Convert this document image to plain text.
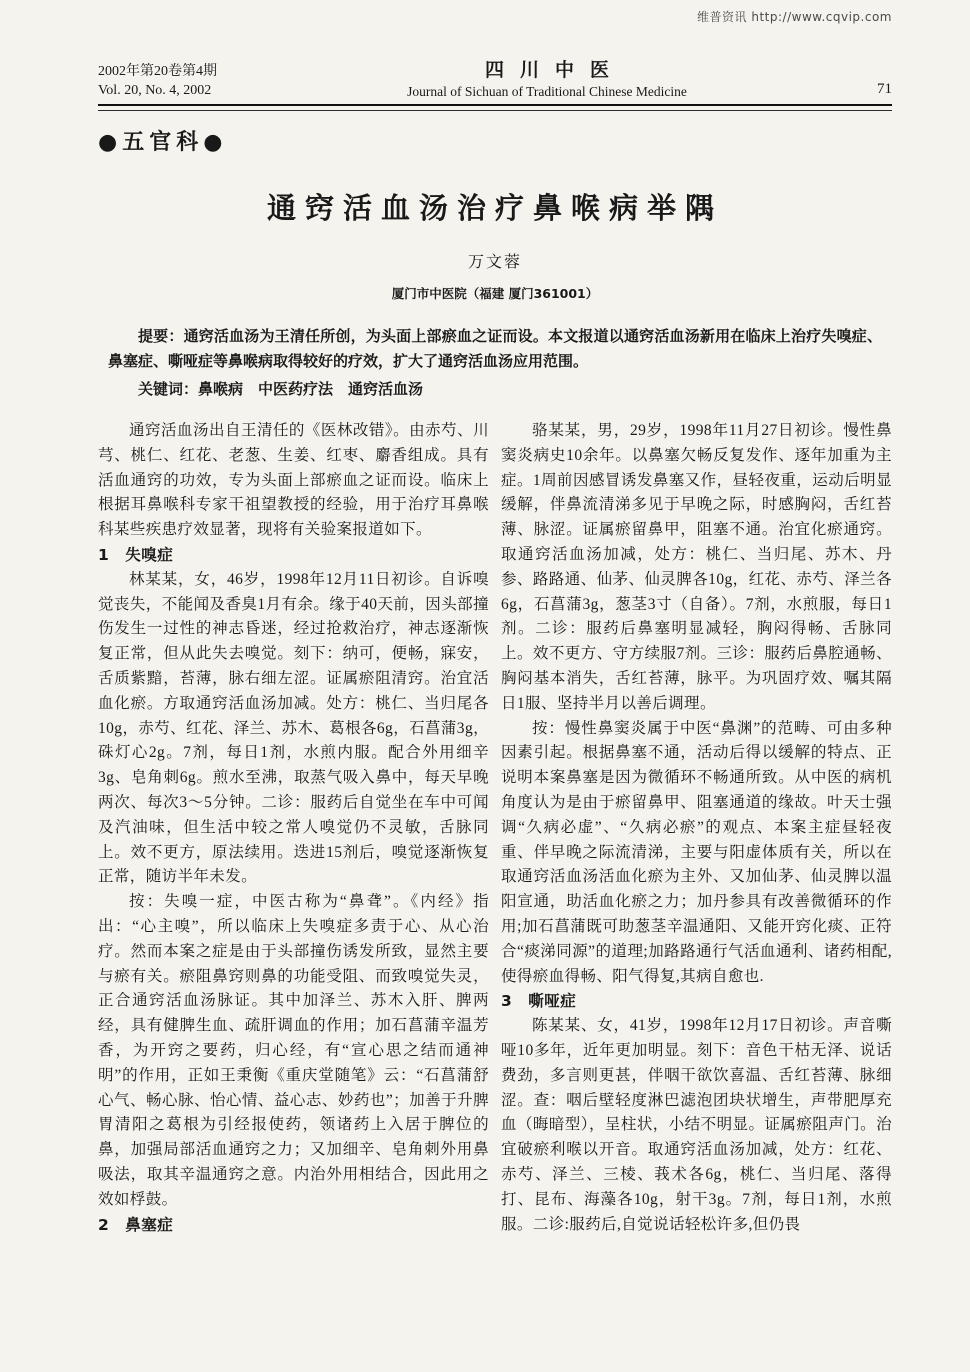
维普资讯 http://www.cqvip.com
2002年第20卷第4期
Vol. 20, No. 4, 2002
四川中医
Journal of Sichuan of Traditional Chinese Medicine	71
●五官科●
通窍活血汤治疗鼻喉病举隅
万文蓉
厦门市中医院（福建 厦门361001）
提要：通窍活血汤为王清任所创，为头面上部瘀血之证而设。本文报道以通窍活血汤新用在临床上治疗失嗅症、鼻塞症、嘶哑症等鼻喉病取得较好的疗效，扩大了通窍活血汤应用范围。
关键词：鼻喉病　中医药疗法　通窍活血汤

通窍活血汤出自王清任的《医林改错》。由赤芍、川芎、桃仁、红花、老葱、生姜、红枣、麝香组成。具有活血通窍的功效，专为头面上部瘀血之证而设。临床上根据耳鼻喉科专家干祖望教授的经验，用于治疗耳鼻喉科某些疾患疗效显著，现将有关验案报道如下。

1　失嗅症

林某某，女，46岁，1998年12月11日初诊。自诉嗅觉丧失，不能闻及香臭1月有余。缘于40天前，因头部撞伤发生一过性的神志昏迷，经过抢救治疗，神志逐渐恢复正常，但从此失去嗅觉。刻下：纳可，便畅，寐安，舌质紫黯，苔薄，脉右细左涩。证属瘀阻清窍。治宜活血化瘀。方取通窍活血汤加减。处方：桃仁、当归尾各10g，赤芍、红花、泽兰、苏木、葛根各6g，石菖蒲3g，硃灯心2g。7剂，每日1剂，水煎内服。配合外用细辛3g、皂角刺6g。煎水至沸，取蒸气吸入鼻中，每天早晚两次、每次3～5分钟。二诊：服药后自觉坐在车中可闻及汽油味，但生活中较之常人嗅觉仍不灵敏，舌脉同上。效不更方，原法续用。迭进15剂后，嗅觉逐渐恢复正常，随访半年未发。

按：失嗅一症，中医古称为“鼻聋”。《内经》指出：“心主嗅”，所以临床上失嗅症多责于心、从心治疗。然而本案之症是由于头部撞伤诱发所致，显然主要与瘀有关。瘀阻鼻窍则鼻的功能受阻、而致嗅觉失灵，正合通窍活血汤脉证。其中加泽兰、苏木入肝、脾两经，具有健脾生血、疏肝调血的作用；加石菖蒲辛温芳香，为开窍之要药，归心经，有“宣心思之结而通神明”的作用，正如王秉衡《重庆堂随笔》云：“石菖蒲舒心气、畅心脉、怡心情、益心志、妙药也”；加善于升脾胃清阳之葛根为引经报使药，领诸药上入居于脾位的鼻，加强局部活血通窍之力；又加细辛、皂角刺外用鼻吸法，取其辛温通窍之意。内治外用相结合，因此用之效如桴鼓。

2　鼻塞症

骆某某，男，29岁，1998年11月27日初诊。慢性鼻窦炎病史10余年。以鼻塞欠畅反复发作、逐年加重为主症。1周前因感冒诱发鼻塞又作，昼轻夜重，运动后明显缓解，伴鼻流清涕多见于早晚之际，时感胸闷，舌红苔薄、脉涩。证属瘀留鼻甲，阻塞不通。治宜化瘀通窍。取通窍活血汤加减，处方：桃仁、当归尾、苏木、丹参、路路通、仙茅、仙灵脾各10g，红花、赤芍、泽兰各6g，石菖蒲3g，葱茎3寸（自备）。7剂，水煎服，每日1剂。二诊：服药后鼻塞明显减轻，胸闷得畅、舌脉同上。效不更方、守方续服7剂。三诊：服药后鼻腔通畅、胸闷基本消失，舌红苔薄，脉平。为巩固疗效、嘱其隔日1服、坚持半月以善后调理。

按：慢性鼻窦炎属于中医“鼻渊”的范畴、可由多种因素引起。根据鼻塞不通，活动后得以缓解的特点、正说明本案鼻塞是因为微循环不畅通所致。从中医的病机角度认为是由于瘀留鼻甲、阻塞通道的缘故。叶天士强调“久病必虚”、“久病必瘀”的观点、本案主症昼轻夜重、伴早晚之际流清涕，主要与阳虚体质有关，所以在取通窍活血汤活血化瘀为主外、又加仙茅、仙灵脾以温阳宣通，助活血化瘀之力；加丹参具有改善微循环的作用;加石菖蒲既可助葱茎辛温通阳、又能开窍化痰、正符合“痰涕同源”的道理;加路路通行气活血通利、诸药相配,使得瘀血得畅、阳气得复,其病自愈也.

3　嘶哑症

陈某某、女，41岁，1998年12月17日初诊。声音嘶哑10多年，近年更加明显。刻下：音色干枯无泽、说话费劲，多言则更甚，伴咽干欲饮喜温、舌红苔薄、脉细涩。查：咽后壁轻度淋巴滤泡团块状增生，声带肥厚充血（晦暗型），呈柱状，小结不明显。证属瘀阻声门。治宜破瘀利喉以开音。取通窍活血汤加减，处方：红花、赤芍、泽兰、三棱、莪术各6g，桃仁、当归尾、落得打、昆布、海藻各10g，射干3g。7剂，每日1剂，水煎服。二诊:服药后,自觉说话轻松许多,但仍畏
